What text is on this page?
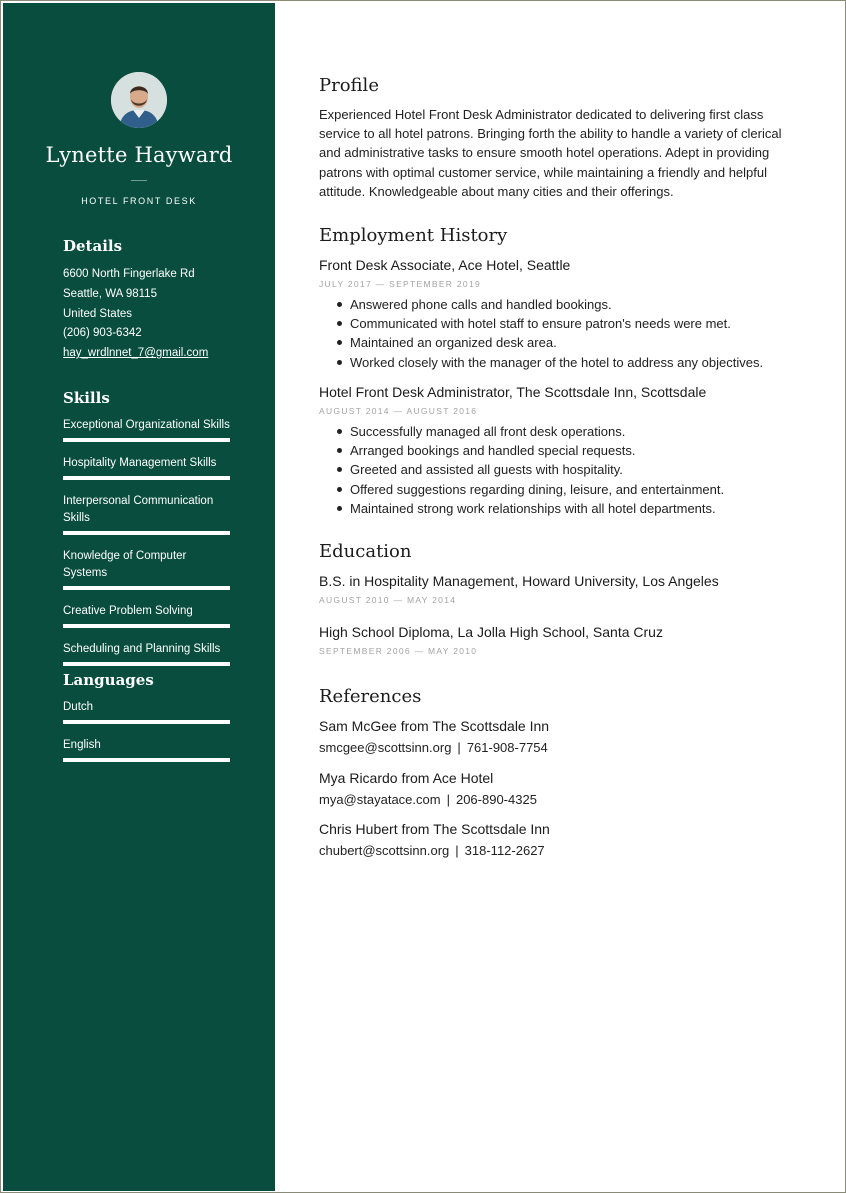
Lynette Hayward
HOTEL FRONT DESK
Details
6600 North Fingerlake Rd
Seattle, WA 98115
United States
(206) 903-6342
hay_wrdlnnet_7@gmail.com
Skills
Exceptional Organizational Skills
Hospitality Management Skills
Interpersonal Communication Skills
Knowledge of Computer Systems
Creative Problem Solving
Scheduling and Planning Skills
Languages
Dutch
English
Profile
Experienced Hotel Front Desk Administrator dedicated to delivering first class service to all hotel patrons. Bringing forth the ability to handle a variety of clerical and administrative tasks to ensure smooth hotel operations. Adept in providing patrons with optimal customer service, while maintaining a friendly and helpful attitude. Knowledgeable about many cities and their offerings.
Employment History
Front Desk Associate, Ace Hotel, Seattle
JULY 2017 — SEPTEMBER 2019
Answered phone calls and handled bookings.
Communicated with hotel staff to ensure patron's needs were met.
Maintained an organized desk area.
Worked closely with the manager of the hotel to address any objectives.
Hotel Front Desk Administrator, The Scottsdale Inn, Scottsdale
AUGUST 2014 — AUGUST 2016
Successfully managed all front desk operations.
Arranged bookings and handled special requests.
Greeted and assisted all guests with hospitality.
Offered suggestions regarding dining, leisure, and entertainment.
Maintained strong work relationships with all hotel departments.
Education
B.S. in Hospitality Management, Howard University, Los Angeles
AUGUST 2010 — MAY 2014
High School Diploma, La Jolla High School, Santa Cruz
SEPTEMBER 2006 — MAY 2010
References
Sam McGee from The Scottsdale Inn
smcgee@scottsinn.org | 761-908-7754
Mya Ricardo from Ace Hotel
mya@stayatace.com | 206-890-4325
Chris Hubert from The Scottsdale Inn
chubert@scottsinn.org | 318-112-2627
